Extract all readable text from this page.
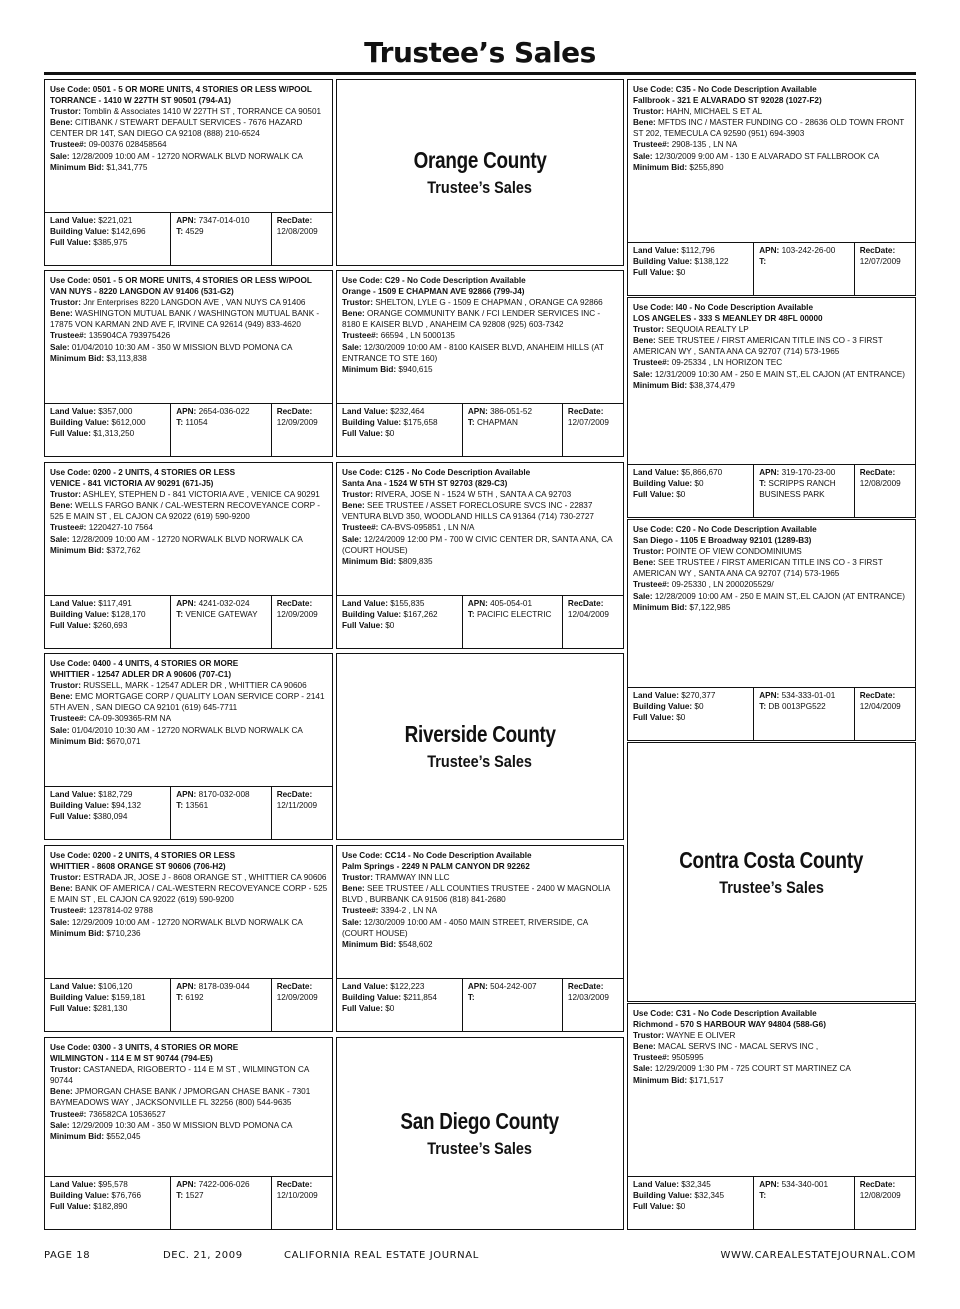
Trustee’s Sales
Use Code: 0501 - 5 OR MORE UNITS, 4 STORIES OR LESS W/POOL
TORRANCE - 1410 W 227TH ST 90501 (794-A1)
Trustor: Tomblin & Associates 1410 W 227TH ST , TORRANCE CA 90501
Bene: CITIBANK / STEWART DEFAULT SERVICES - 7676 HAZARD CENTER DR 14T, SAN DIEGO CA 92108 (888) 210-6524
Trustee#: 09-00376 028458564
Sale: 12/28/2009 10:00 AM - 12720 NORWALK BLVD NORWALK CA
Minimum Bid: $1,341,775
Land Value: $221,021
Building Value: $142,696
Full Value: $385,975
APN: 7347-014-010
T: 4529
RecDate:
12/08/2009
Use Code: 0501 - 5 OR MORE UNITS, 4 STORIES OR LESS W/POOL
VAN NUYS - 8220 LANGDON AV 91406 (531-G2)
Trustor: Jnr Enterprises 8220 LANGDON AVE , VAN NUYS CA 91406
Bene: WASHINGTON MUTUAL BANK / WASHINGTON MUTUAL BANK - 17875 VON KARMAN 2ND AVE F, IRVINE CA 92614 (949) 833-4620
Trustee#: 135904CA 793975426
Sale: 01/04/2010 10:30 AM - 350 W MISSION BLVD POMONA CA
Minimum Bid: $3,113,838
Land Value: $357,000
Building Value: $612,000
Full Value: $1,313,250
APN: 2654-036-022
T: 11054
RecDate:
12/09/2009
Use Code: 0200 - 2 UNITS, 4 STORIES OR LESS
VENICE - 841 VICTORIA AV 90291 (671-J5)
Trustor: ASHLEY, STEPHEN D - 841 VICTORIA AVE , VENICE CA 90291
Bene: WELLS FARGO BANK / CAL-WESTERN RECOVEYANCE CORP - 525 E MAIN ST , EL CAJON CA 92022 (619) 590-9200
Trustee#: 1220427-10 7564
Sale: 12/28/2009 10:00 AM - 12720 NORWALK BLVD NORWALK CA
Minimum Bid: $372,762
Land Value: $117,491
Building Value: $128,170
Full Value: $260,693
APN: 4241-032-024
T: VENICE GATEWAY
RecDate:
12/09/2009
Use Code: 0400 - 4 UNITS, 4 STORIES OR MORE
WHITTIER - 12547 ADLER DR A 90606 (707-C1)
Trustor: RUSSELL, MARK - 12547 ADLER DR , WHITTIER CA 90606
Bene: EMC MORTGAGE CORP / QUALITY LOAN SERVICE CORP - 2141 5TH AVEN , SAN DIEGO CA 92101 (619) 645-7711
Trustee#: CA-09-309365-RM NA
Sale: 01/04/2010 10:30 AM - 12720 NORWALK BLVD NORWALK CA
Minimum Bid: $670,071
Land Value: $182,729
Building Value: $94,132
Full Value: $380,094
APN: 8170-032-008
T: 13561
RecDate:
12/11/2009
Use Code: 0200 - 2 UNITS, 4 STORIES OR LESS
WHITTIER - 8608 ORANGE ST 90606 (706-H2)
Trustor: ESTRADA JR, JOSE J - 8608 ORANGE ST , WHITTIER CA 90606
Bene: BANK OF AMERICA / CAL-WESTERN RECOVEYANCE CORP - 525 E MAIN ST , EL CAJON CA 92022 (619) 590-9200
Trustee#: 1237814-02 9788
Sale: 12/29/2009 10:00 AM - 12720 NORWALK BLVD NORWALK CA
Minimum Bid: $710,236
Land Value: $106,120
Building Value: $159,181
Full Value: $281,130
APN: 8178-039-044
T: 6192
RecDate:
12/09/2009
Use Code: 0300 - 3 UNITS, 4 STORIES OR MORE
WILMINGTON - 114 E M ST 90744 (794-E5)
Trustor: CASTANEDA, RIGOBERTO - 114 E M ST , WILMINGTON CA 90744
Bene: JPMORGAN CHASE BANK / JPMORGAN CHASE BANK - 7301 BAYMEADOWS WAY , JACKSONVILLE FL 32256 (800) 544-9635
Trustee#: 736582CA 10536527
Sale: 12/29/2009 10:30 AM - 350 W MISSION BLVD POMONA CA
Minimum Bid: $552,045
Land Value: $95,578
Building Value: $76,766
Full Value: $182,890
APN: 7422-006-026
T: 1527
RecDate:
12/10/2009
Orange County
Trustee’s Sales
Use Code: C29 - No Code Description Available
Orange - 1509 E CHAPMAN AVE 92866 (799-J4)
Trustor: SHELTON, LYLE G - 1509 E CHAPMAN , ORANGE CA 92866
Bene: ORANGE COMMUNITY BANK / FCI LENDER SERVICES INC - 8180 E KAISER BLVD , ANAHEIM CA 92808 (925) 603-7342
Trustee#: 66594 , LN 5000135
Sale: 12/30/2009 10:00 AM - 8100 KAISER BLVD, ANAHEIM HILLS (AT ENTRANCE TO STE 160)
Minimum Bid: $940,615
Land Value: $232,464
Building Value: $175,658
Full Value: $0
APN: 386-051-52
T: CHAPMAN
RecDate:
12/07/2009
Use Code: C125 - No Code Description Available
Santa Ana - 1524 W 5TH ST 92703 (829-C3)
Trustor: RIVERA, JOSE N - 1524 W 5TH , SANTA A CA 92703
Bene: SEE TRUSTEE / ASSET FORECLOSURE SVCS INC - 22837 VENTURA BLVD 350, WOODLAND HILLS CA 91364 (714) 730-2727
Trustee#: CA-BVS-095851 , LN N/A
Sale: 12/24/2009 12:00 PM - 700 W CIVIC CENTER DR, SANTA ANA, CA (COURT HOUSE)
Minimum Bid: $809,835
Land Value: $155,835
Building Value: $167,262
Full Value: $0
APN: 405-054-01
T: PACIFIC ELECTRIC
RecDate:
12/04/2009
Riverside County
Trustee’s Sales
Use Code: CC14 - No Code Description Available
Palm Springs - 2249 N PALM CANYON DR 92262
Trustor: TRAMWAY INN LLC
Bene: SEE TRUSTEE / ALL COUNTIES TRUSTEE - 2400 W MAGNOLIA BLVD , BURBANK CA 91506 (818) 841-2680
Trustee#: 3394-2 , LN NA
Sale: 12/30/2009 10:00 AM - 4050 MAIN STREET, RIVERSIDE, CA (COURT HOUSE)
Minimum Bid: $548,602
Land Value: $122,223
Building Value: $211,854
Full Value: $0
APN: 504-242-007
T:
RecDate:
12/03/2009
San Diego County
Trustee’s Sales
Use Code: C35 - No Code Description Available
Fallbrook - 321 E ALVARADO ST 92028 (1027-F2)
Trustor: HAHN, MICHAEL S ET AL
Bene: MFTDS INC / MASTER FUNDING CO - 28636 OLD TOWN FRONT ST 202, TEMECULA CA 92590 (951) 694-3903
Trustee#: 2908-135 , LN NA
Sale: 12/30/2009 9:00 AM - 130 E ALVARADO ST FALLBROOK CA
Minimum Bid: $255,890
Land Value: $112,796
Building Value: $138,122
Full Value: $0
APN: 103-242-26-00
T:
RecDate:
12/07/2009
Use Code: I40 - No Code Description Available
LOS ANGELES - 333 S MEANLEY DR 48FL 00000
Trustor: SEQUOIA REALTY LP
Bene: SEE TRUSTEE / FIRST AMERICAN TITLE INS CO - 3 FIRST AMERICAN WY , SANTA ANA CA 92707 (714) 573-1965
Trustee#: 09-25334 , LN HORIZON TEC
Sale: 12/31/2009 10:30 AM - 250 E MAIN ST,.EL CAJON (AT ENTRANCE)
Minimum Bid: $38,374,479
Land Value: $5,866,670
Building Value: $0
Full Value: $0
APN: 319-170-23-00
T: SCRIPPS RANCH BUSINESS PARK
RecDate:
12/08/2009
Use Code: C20 - No Code Description Available
San Diego - 1105 E Broadway 92101 (1289-B3)
Trustor: POINTE OF VIEW CONDOMINIUMS
Bene: SEE TRUSTEE / FIRST AMERICAN TITLE INS CO - 3 FIRST AMERICAN WY , SANTA ANA CA 92707 (714) 573-1965
Trustee#: 09-25330 , LN 2000205529/
Sale: 12/28/2009 10:00 AM - 250 E MAIN ST,.EL CAJON (AT ENTRANCE)
Minimum Bid: $7,122,985
Land Value: $270,377
Building Value: $0
Full Value: $0
APN: 534-333-01-01
T: DB 0013PG522
RecDate:
12/04/2009
Contra Costa County
Trustee’s Sales
Use Code: C31 - No Code Description Available
Richmond - 570 S HARBOUR WAY 94804 (588-G6)
Trustor: WAYNE E OLIVER
Bene: MACAL SERVS INC - MACAL SERVS INC ,
Trustee#: 9505995
Sale: 12/29/2009 1:30 PM - 725 COURT ST MARTINEZ CA
Minimum Bid: $171,517
Land Value: $32,345
Building Value: $32,345
Full Value: $0
APN: 534-340-001
T:
RecDate:
12/08/2009
PAGE 18	DEC. 21, 2009	CALIFORNIA REAL ESTATE JOURNAL	WWW.CAREALESTATEJOURNAL.COM
